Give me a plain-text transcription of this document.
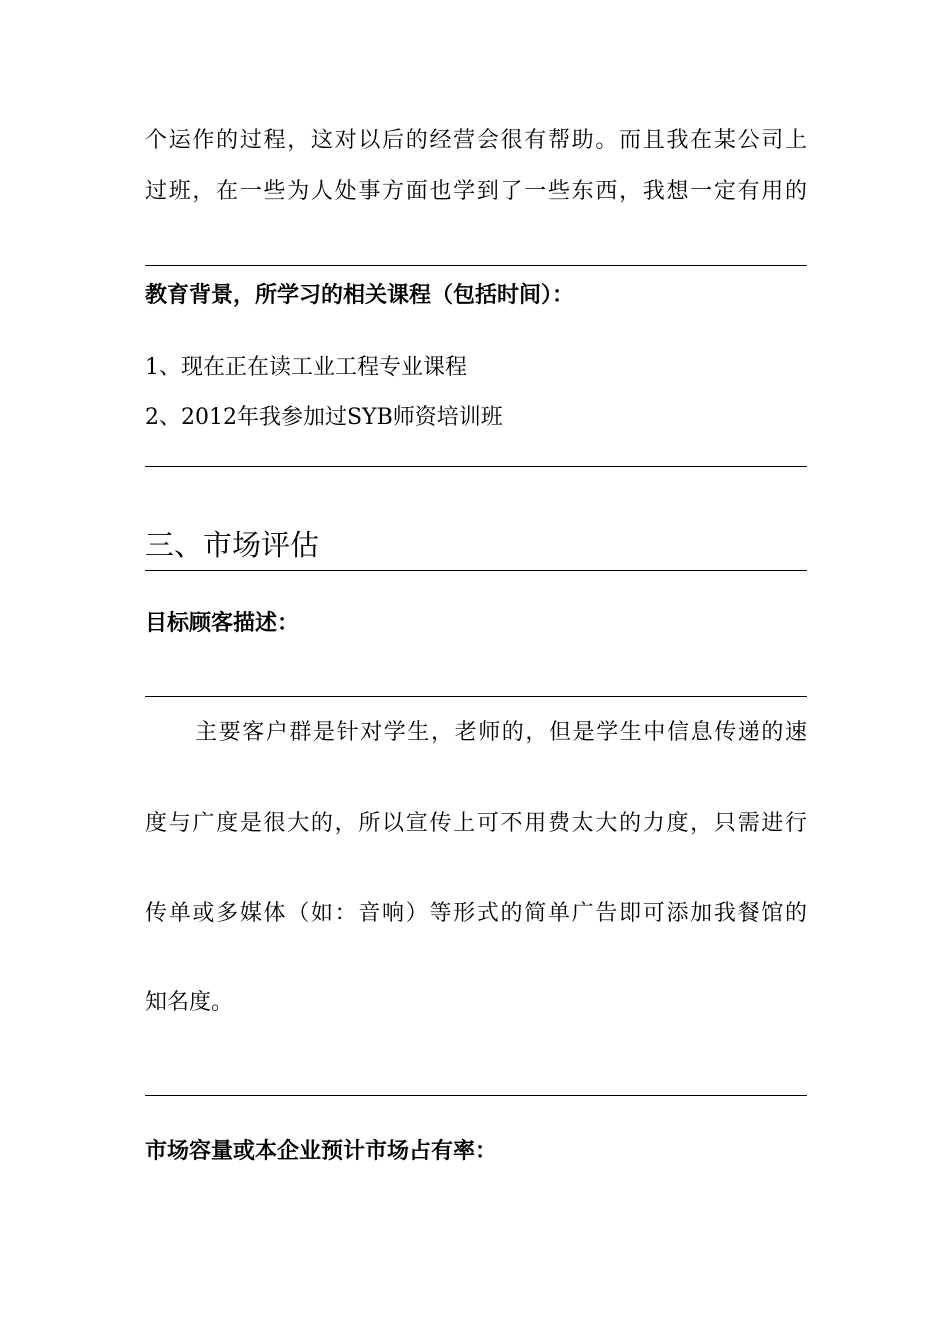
个运作的过程，这对以后的经营会很有帮助。而且我在某公司上
过班，在一些为人处事方面也学到了一些东西，我想一定有用的
教育背景，所学习的相关课程（包括时间）：
1、现在正在读工业工程专业课程
2、2012年我参加过SYB师资培训班
三、市场评估
目标顾客描述：
主要客户群是针对学生，老师的，但是学生中信息传递的速
度与广度是很大的，所以宣传上可不用费太大的力度，只需进行
传单或多媒体（如：音响）等形式的简单广告即可添加我餐馆的
知名度。
市场容量或本企业预计市场占有率：
